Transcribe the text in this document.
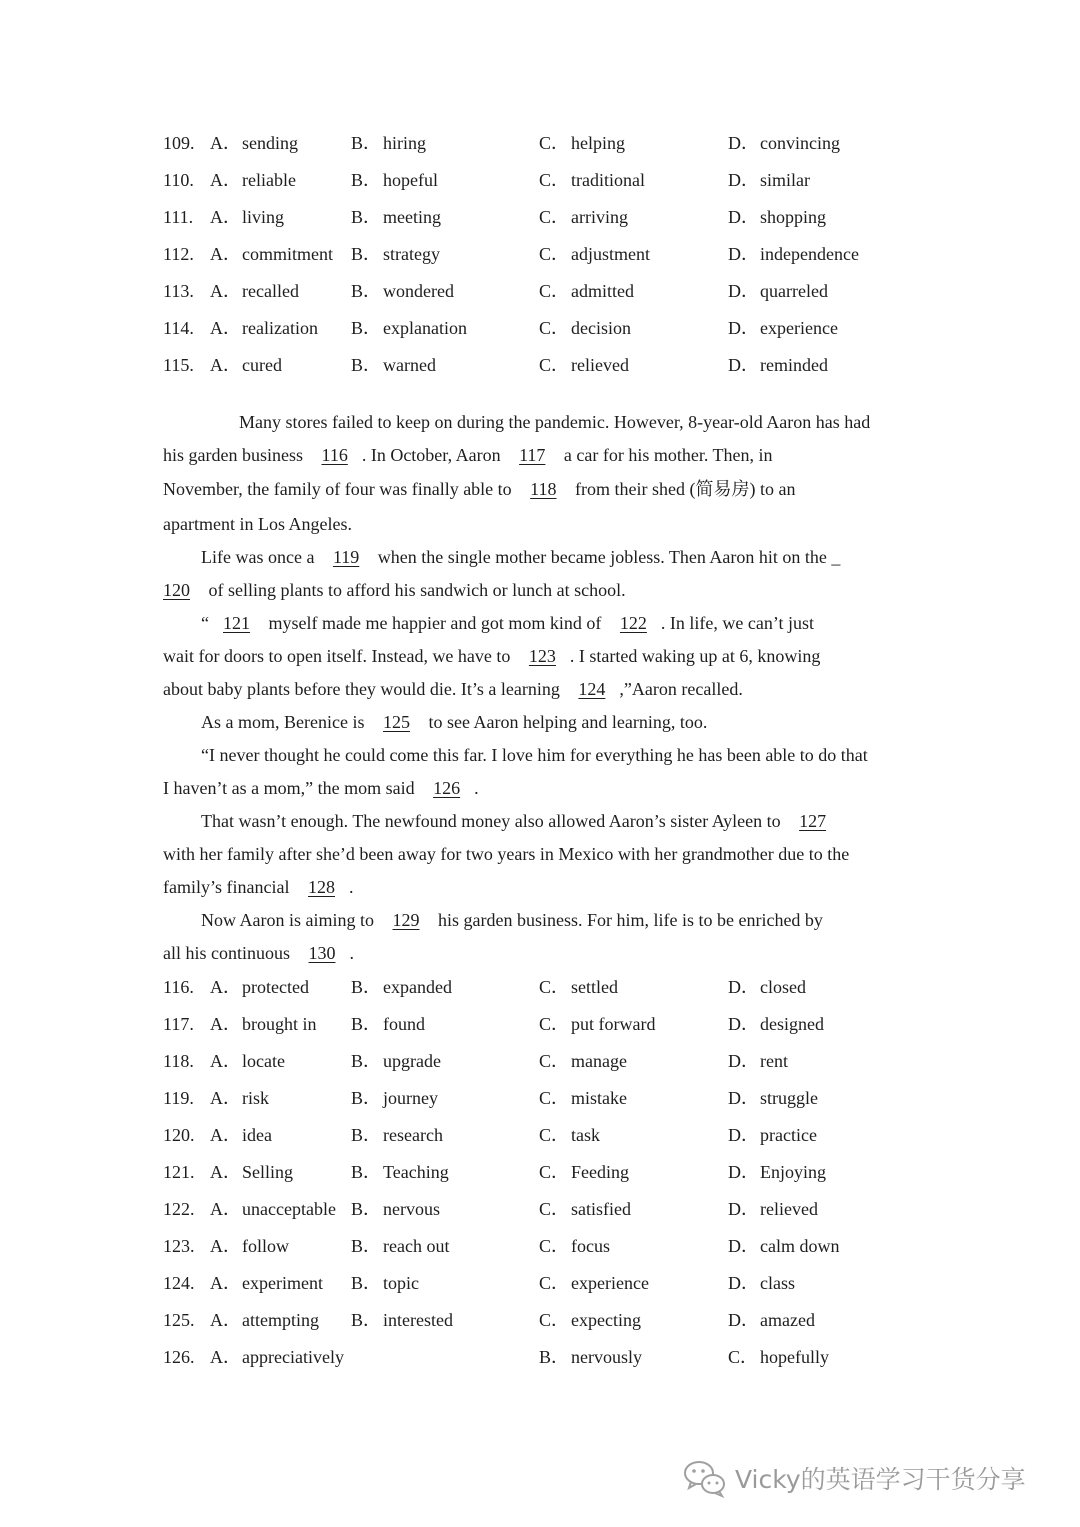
109. A． sending	B． hiring	C． helping	D． convincing
110. A． reliable	B． hopeful	C． traditional	D． similar
111. A． living	B． meeting	C． arriving	D． shopping
112. A． commitment B． strategy	C． adjustment	D． independence
113. A． recalled	B． wondered	C． admitted	D． quarreled
114. A． realization B． explanation	C． decision	D． experience
115. A． cured	B． warned	C． relieved	D． reminded
Many stores failed to keep on during the pandemic. However, 8-year-old Aaron has had
his garden business 116 . In October, Aaron 117 a car for his mother. Then, in
November, the family of four was finally able to 118 from their shed (简易房) to an
apartment in Los Angeles.
Life was once a 119 when the single mother became jobless. Then Aaron hit on the _
120 of selling plants to afford his sandwich or lunch at school.
“ 121 myself made me happier and got mom kind of 122 . In life, we can’t just
wait for doors to open itself. Instead, we have to 123 . I started waking up at 6, knowing
about baby plants before they would die. It’s a learning 124 ,”Aaron recalled.
As a mom, Berenice is 125 to see Aaron helping and learning, too.
“I never thought he could come this far. I love him for everything he has been able to do that
I haven’t as a mom,” the mom said 126 .
That wasn’t enough. The newfound money also allowed Aaron’s sister Ayleen to 127
with her family after she’d been away for two years in Mexico with her grandmother due to the
family’s financial 128 .
Now Aaron is aiming to 129 his garden business. For him, life is to be enriched by
all his continuous 130 .
116. A． protected B． expanded	C． settled	D． closed
117. A． brought in B． found	C． put forward	D． designed
118. A． locate	B． upgrade	C． manage	D． rent
119. A． risk	B． journey	C． mistake	D． struggle
120. A． idea	B． research	C． task	D． practice
121. A． Selling	B． Teaching	C． Feeding	D． Enjoying
122. A． unacceptable B． nervous	C． satisfied	D． relieved
123. A． follow	B． reach out	C． focus	D． calm down
124. A． experiment B． topic	C． experience	D． class
125. A． attempting B． interested	C． expecting	D． amazed
126. A． appreciatively	B． nervously	C． hopefully
Vicky的英语学习干货分享
